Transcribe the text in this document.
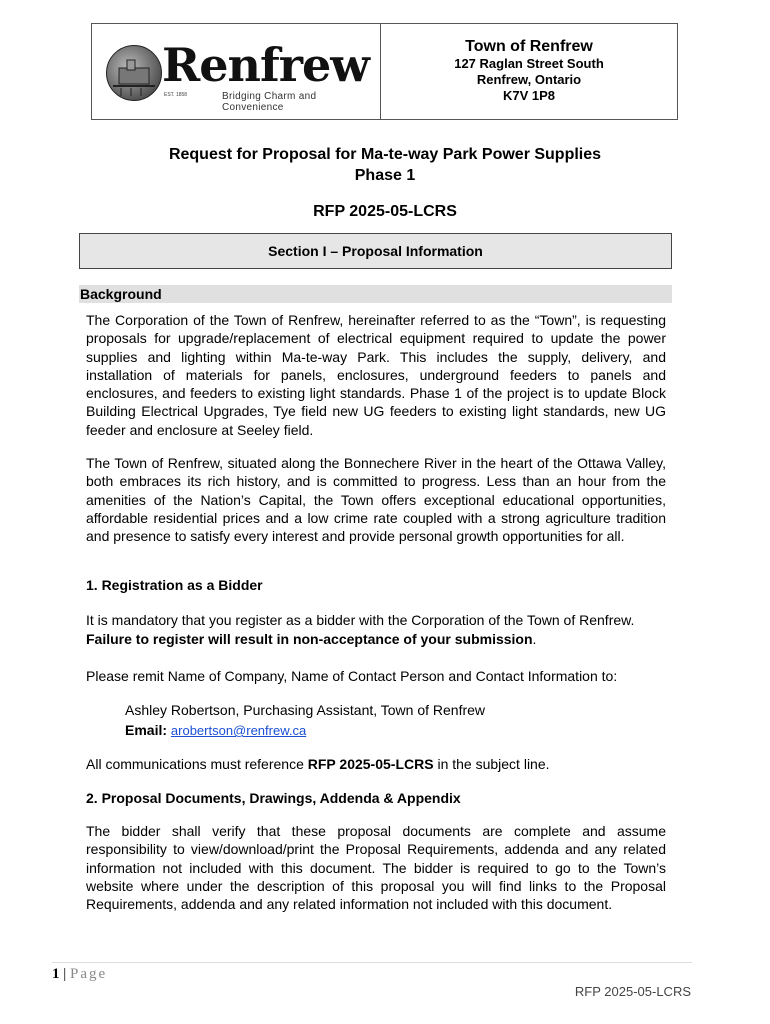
Renfrew
EST. 1858	Bridging Charm and Convenience
Town of Renfrew
127 Raglan Street South
Renfrew, Ontario
K7V 1P8
Request for Proposal for Ma-te-way Park Power Supplies
Phase 1
RFP 2025-05-LCRS
Section I – Proposal Information
Background
The Corporation of the Town of Renfrew, hereinafter referred to as the “Town”, is requesting proposals for upgrade/replacement of electrical equipment required to update the power supplies and lighting within Ma-te-way Park. This includes the supply, delivery, and installation of materials for panels, enclosures, underground feeders to panels and enclosures, and feeders to existing light standards. Phase 1 of the project is to update Block Building Electrical Upgrades, Tye field new UG feeders to existing light standards, new UG feeder and enclosure at Seeley field.
The Town of Renfrew, situated along the Bonnechere River in the heart of the Ottawa Valley, both embraces its rich history, and is committed to progress. Less than an hour from the amenities of the Nation’s Capital, the Town offers exceptional educational opportunities, affordable residential prices and a low crime rate coupled with a strong agriculture tradition and presence to satisfy every interest and provide personal growth opportunities for all.
1. Registration as a Bidder
It is mandatory that you register as a bidder with the Corporation of the Town of Renfrew. Failure to register will result in non-acceptance of your submission.
Please remit Name of Company, Name of Contact Person and Contact Information to:
Ashley Robertson, Purchasing Assistant, Town of Renfrew
Email: arobertson@renfrew.ca
All communications must reference RFP 2025-05-LCRS in the subject line.
2. Proposal Documents, Drawings, Addenda & Appendix
The bidder shall verify that these proposal documents are complete and assume responsibility to view/download/print the Proposal Requirements, addenda and any related information not included with this document. The bidder is required to go to the Town’s website where under the description of this proposal you will find links to the Proposal Requirements, addenda and any related information not included with this document.
1 | Page
RFP 2025-05-LCRS
